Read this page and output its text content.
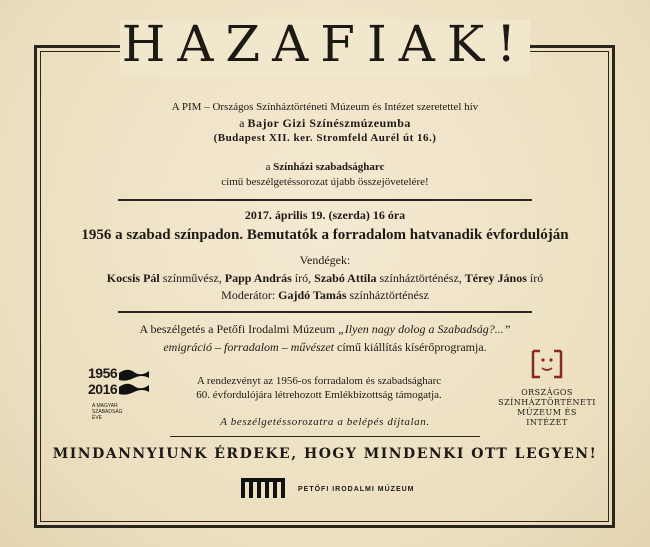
HAZAFIAK!
A PIM – Országos Színháztörténeti Múzeum és Intézet szeretettel hív
a Bajor Gizi Színészmúzeumba
(Budapest XII. ker. Stromfeld Aurél út 16.)
a Színházi szabadságharc
című beszélgetéssorozat újabb összejövetelére!
2017. április 19. (szerda) 16 óra
1956 a szabad színpadon. Bemutatók a forradalom hatvanadik évfordulóján
Vendégek:
Kocsis Pál színművész, Papp András író, Szabó Attila színháztörténész, Térey János író
Moderátor: Gajdó Tamás színháztörténész
A beszélgetés a Petőfi Irodalmi Múzeum „Ilyen nagy dolog a Szabadság?...”
emigráció – forradalom – művészet című kiállítás kísérőprogramja.
1956
2016
A MAGYAR SZABADSÁG ÉVE
A rendezvényt az 1956-os forradalom és szabadságharc
60. évfordulójára létrehozott Emlékbizottság támogatja.	ORSZÁGOS
SZÍNHÁZTÖRTÉNETI
MÚZEUM ÉS
INTÉZET
A beszélgetéssorozatra a belépés díjtalan.
MINDANNYIUNK ÉRDEKE, HOGY MINDENKI OTT LEGYEN!
PETŐFI IRODALMI MÚZEUM
